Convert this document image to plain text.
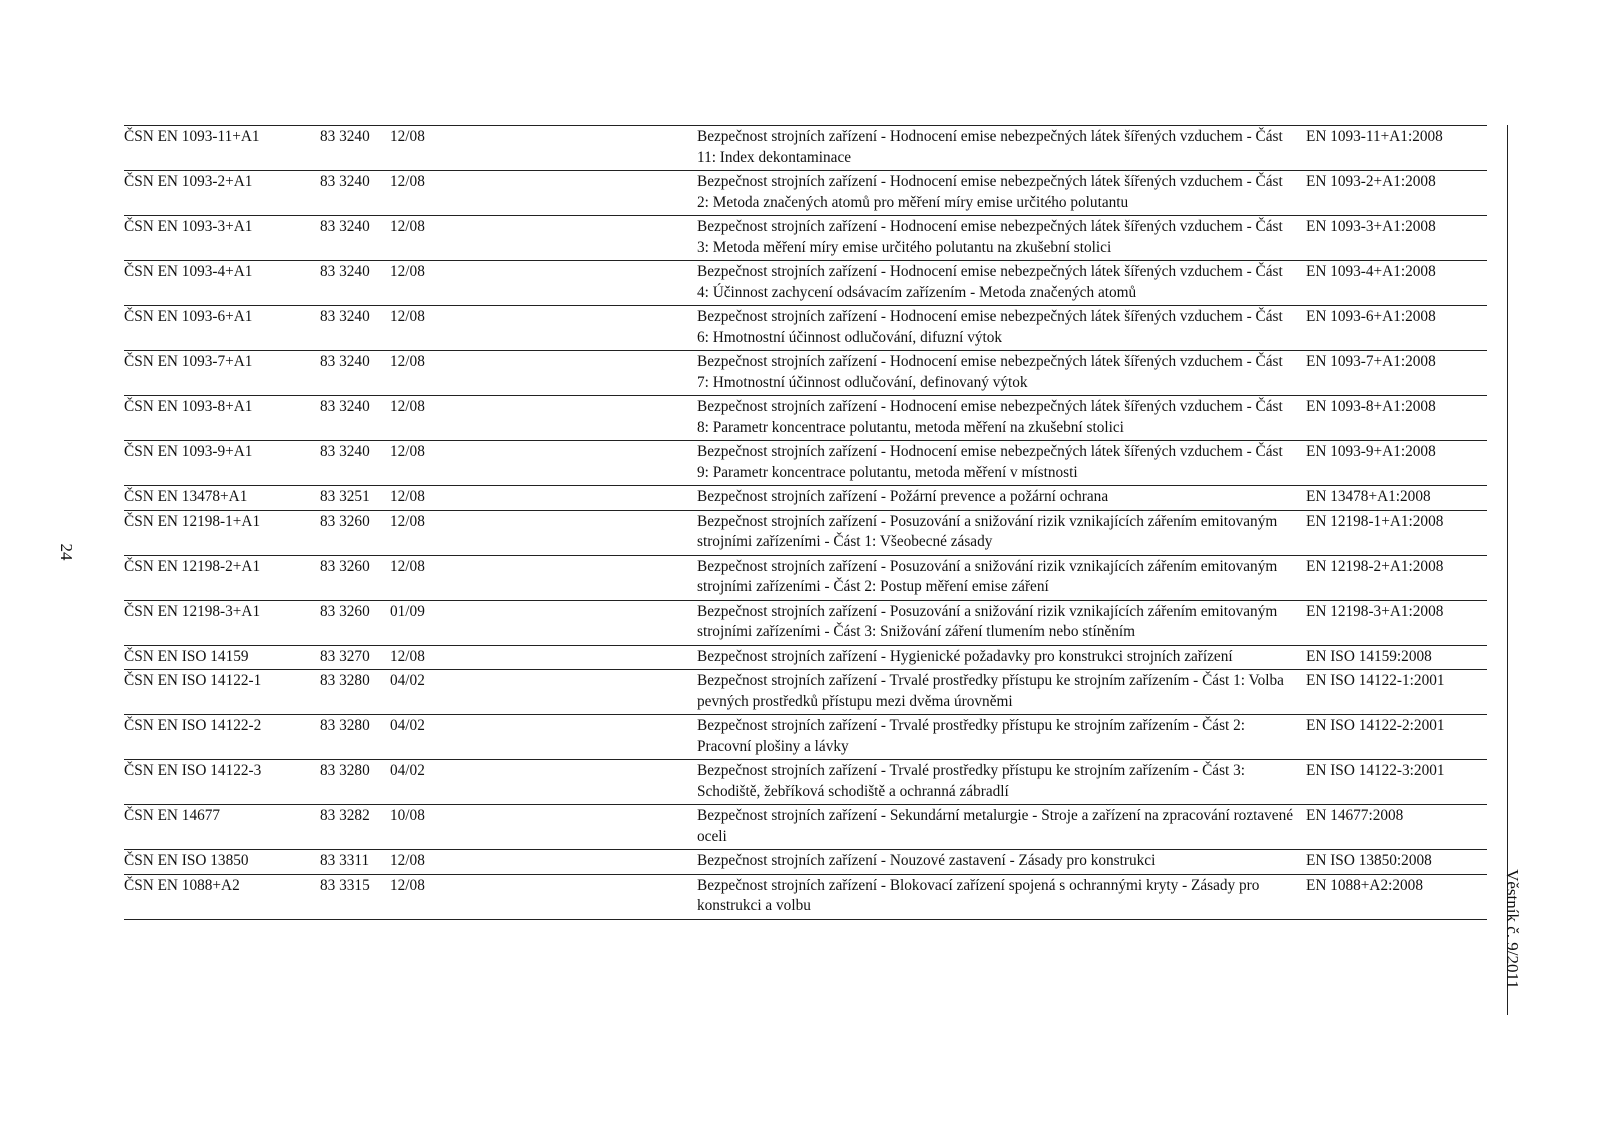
24
ČSN EN 1093-11+A1	83 3240	12/08	Bezpečnost strojních zařízení - Hodnocení emise nebezpečných látek šířených vzduchem - Část 11: Index dekontaminace	EN 1093-11+A1:2008
ČSN EN 1093-2+A1	83 3240	12/08	Bezpečnost strojních zařízení - Hodnocení emise nebezpečných látek šířených vzduchem - Část 2: Metoda značených atomů pro měření míry emise určitého polutantu	EN 1093-2+A1:2008
ČSN EN 1093-3+A1	83 3240	12/08	Bezpečnost strojních zařízení - Hodnocení emise nebezpečných látek šířených vzduchem - Část 3: Metoda měření míry emise určitého polutantu na zkušební stolici	EN 1093-3+A1:2008
ČSN EN 1093-4+A1	83 3240	12/08	Bezpečnost strojních zařízení - Hodnocení emise nebezpečných látek šířených vzduchem - Část 4: Účinnost zachycení odsávacím zařízením - Metoda značených atomů	EN 1093-4+A1:2008
ČSN EN 1093-6+A1	83 3240	12/08	Bezpečnost strojních zařízení - Hodnocení emise nebezpečných látek šířených vzduchem - Část 6: Hmotnostní účinnost odlučování, difuzní výtok	EN 1093-6+A1:2008
ČSN EN 1093-7+A1	83 3240	12/08	Bezpečnost strojních zařízení - Hodnocení emise nebezpečných látek šířených vzduchem - Část 7: Hmotnostní účinnost odlučování, definovaný výtok	EN 1093-7+A1:2008
ČSN EN 1093-8+A1	83 3240	12/08	Bezpečnost strojních zařízení - Hodnocení emise nebezpečných látek šířených vzduchem - Část 8: Parametr koncentrace polutantu, metoda měření na zkušební stolici	EN 1093-8+A1:2008
ČSN EN 1093-9+A1	83 3240	12/08	Bezpečnost strojních zařízení - Hodnocení emise nebezpečných látek šířených vzduchem - Část 9: Parametr koncentrace polutantu, metoda měření v místnosti	EN 1093-9+A1:2008
ČSN EN 13478+A1	83 3251	12/08	Bezpečnost strojních zařízení - Požární prevence a požární ochrana	EN 13478+A1:2008
ČSN EN 12198-1+A1	83 3260	12/08	Bezpečnost strojních zařízení - Posuzování a snižování rizik vznikajících zářením emitovaným strojními zařízeními - Část 1: Všeobecné zásady	EN 12198-1+A1:2008
ČSN EN 12198-2+A1	83 3260	12/08	Bezpečnost strojních zařízení - Posuzování a snižování rizik vznikajících zářením emitovaným strojními zařízeními - Část 2: Postup měření emise záření	EN 12198-2+A1:2008
ČSN EN 12198-3+A1	83 3260	01/09	Bezpečnost strojních zařízení - Posuzování a snižování rizik vznikajících zářením emitovaným strojními zařízeními - Část 3: Snižování záření tlumením nebo stíněním	EN 12198-3+A1:2008
ČSN EN ISO 14159	83 3270	12/08	Bezpečnost strojních zařízení - Hygienické požadavky pro konstrukci strojních zařízení	EN ISO 14159:2008
ČSN EN ISO 14122-1	83 3280	04/02	Bezpečnost strojních zařízení - Trvalé prostředky přístupu ke strojním zařízením - Část 1: Volba pevných prostředků přístupu mezi dvěma úrovněmi	EN ISO 14122-1:2001
ČSN EN ISO 14122-2	83 3280	04/02	Bezpečnost strojních zařízení - Trvalé prostředky přístupu ke strojním zařízením - Část 2: Pracovní plošiny a lávky	EN ISO 14122-2:2001
ČSN EN ISO 14122-3	83 3280	04/02	Bezpečnost strojních zařízení - Trvalé prostředky přístupu ke strojním zařízením - Část 3: Schodiště, žebříková schodiště a ochranná zábradlí	EN ISO 14122-3:2001
ČSN EN 14677	83 3282	10/08	Bezpečnost strojních zařízení - Sekundární metalurgie - Stroje a zařízení na zpracování roztavené oceli	EN 14677:2008
ČSN EN ISO 13850	83 3311	12/08	Bezpečnost strojních zařízení - Nouzové zastavení - Zásady pro konstrukci	EN ISO 13850:2008
ČSN EN 1088+A2	83 3315	12/08	Bezpečnost strojních zařízení - Blokovací zařízení spojená s ochrannými kryty - Zásady pro konstrukci a volbu	EN 1088+A2:2008	Věstník č. 9/2011
